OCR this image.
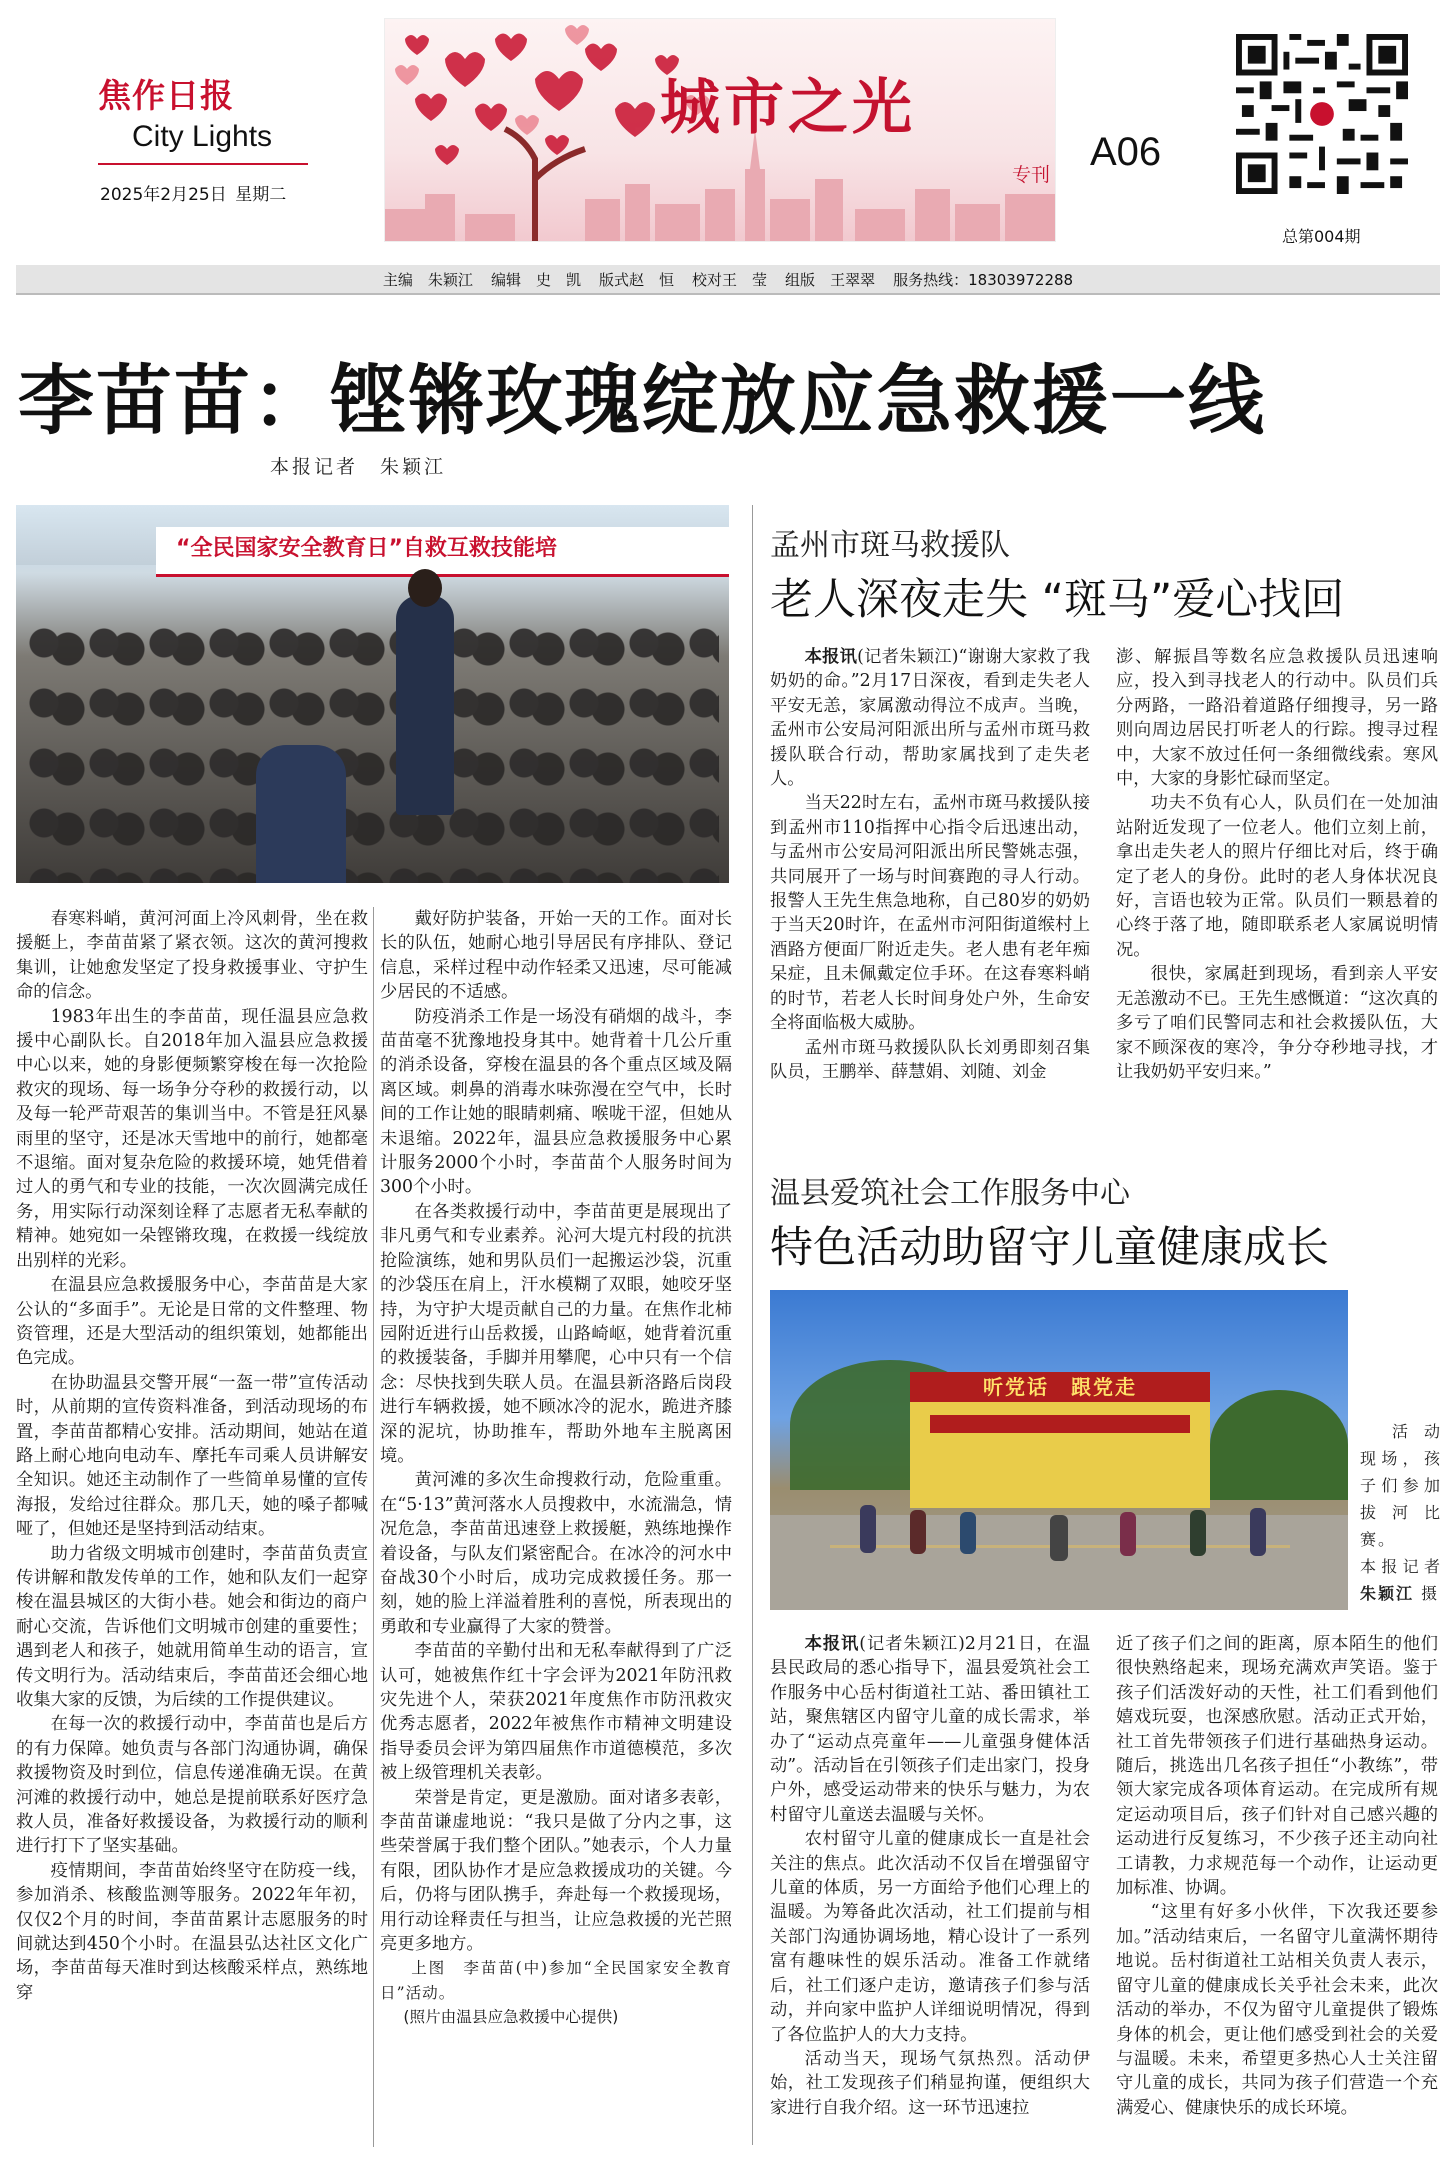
焦作日报
City Lights
2025年2月25日  星期二
城市之光
专刊
A06
总第004期
主编　 朱颖江 编辑　 史　凯 版式赵　恒 校对王　莹 组版　 王翠翠 服务热线：18303972288
李苗苗：铿锵玫瑰绽放应急救援一线
本报记者　朱颖江
“全民国家安全教育日”自救互救技能培

春寒料峭，黄河河面上冷风刺骨，坐在救援艇上，李苗苗紧了紧衣领。这次的黄河搜救集训，让她愈发坚定了投身救援事业、守护生命的信念。

1983年出生的李苗苗，现任温县应急救援中心副队长。自2018年加入温县应急救援中心以来，她的身影便频繁穿梭在每一次抢险救灾的现场、每一场争分夺秒的救援行动，以及每一轮严苛艰苦的集训当中。不管是狂风暴雨里的坚守，还是冰天雪地中的前行，她都毫不退缩。面对复杂危险的救援环境，她凭借着过人的勇气和专业的技能，一次次圆满完成任务，用实际行动深刻诠释了志愿者无私奉献的精神。她宛如一朵铿锵玫瑰，在救援一线绽放出别样的光彩。

在温县应急救援服务中心，李苗苗是大家公认的“多面手”。无论是日常的文件整理、物资管理，还是大型活动的组织策划，她都能出色完成。

在协助温县交警开展“一盔一带”宣传活动时，从前期的宣传资料准备，到活动现场的布置，李苗苗都精心安排。活动期间，她站在道路上耐心地向电动车、摩托车司乘人员讲解安全知识。她还主动制作了一些简单易懂的宣传海报，发给过往群众。那几天，她的嗓子都喊哑了，但她还是坚持到活动结束。

助力省级文明城市创建时，李苗苗负责宣传讲解和散发传单的工作，她和队友们一起穿梭在温县城区的大街小巷。她会和街边的商户耐心交流，告诉他们文明城市创建的重要性；遇到老人和孩子，她就用简单生动的语言，宣传文明行为。活动结束后，李苗苗还会细心地收集大家的反馈，为后续的工作提供建议。

在每一次的救援行动中，李苗苗也是后方的有力保障。她负责与各部门沟通协调，确保救援物资及时到位，信息传递准确无误。在黄河滩的救援行动中，她总是提前联系好医疗急救人员，准备好救援设备，为救援行动的顺利进行打下了坚实基础。

疫情期间，李苗苗始终坚守在防疫一线，参加消杀、核酸监测等服务。2022年年初，仅仅2个月的时间，李苗苗累计志愿服务的时间就达到450个小时。在温县弘达社区文化广场，李苗苗每天准时到达核酸采样点，熟练地穿

戴好防护装备，开始一天的工作。面对长长的队伍，她耐心地引导居民有序排队、登记信息，采样过程中动作轻柔又迅速，尽可能减少居民的不适感。

防疫消杀工作是一场没有硝烟的战斗，李苗苗毫不犹豫地投身其中。她背着十几公斤重的消杀设备，穿梭在温县的各个重点区域及隔离区域。刺鼻的消毒水味弥漫在空气中，长时间的工作让她的眼睛刺痛、喉咙干涩，但她从未退缩。2022年，温县应急救援服务中心累计服务2000个小时，李苗苗个人服务时间为300个小时。

在各类救援行动中，李苗苗更是展现出了非凡勇气和专业素养。沁河大堤亢村段的抗洪抢险演练，她和男队员们一起搬运沙袋，沉重的沙袋压在肩上，汗水模糊了双眼，她咬牙坚持，为守护大堤贡献自己的力量。在焦作北柿园附近进行山岳救援，山路崎岖，她背着沉重的救援装备，手脚并用攀爬，心中只有一个信念：尽快找到失联人员。在温县新洛路后岗段进行车辆救援，她不顾冰冷的泥水，跪进齐膝深的泥坑，协助推车，帮助外地车主脱离困境。

黄河滩的多次生命搜救行动，危险重重。在“5·13”黄河落水人员搜救中，水流湍急，情况危急，李苗苗迅速登上救援艇，熟练地操作着设备，与队友们紧密配合。在冰冷的河水中奋战30个小时后，成功完成救援任务。那一刻，她的脸上洋溢着胜利的喜悦，所表现出的勇敢和专业赢得了大家的赞誉。

李苗苗的辛勤付出和无私奉献得到了广泛认可，她被焦作红十字会评为2021年防汛救灾先进个人，荣获2021年度焦作市防汛救灾优秀志愿者，2022年被焦作市精神文明建设指导委员会评为第四届焦作市道德模范，多次被上级管理机关表彰。

荣誉是肯定，更是激励。面对诸多表彰，李苗苗谦虚地说：“我只是做了分内之事，这些荣誉属于我们整个团队。”她表示，个人力量有限，团队协作才是应急救援成功的关键。今后，仍将与团队携手，奔赴每一个救援现场，用行动诠释责任与担当，让应急救援的光芒照亮更多地方。

上图　李苗苗(中)参加“全民国家安全教育日”活动。

(照片由温县应急救援中心提供)

孟州市斑马救援队
老人深夜走失 “斑马”爱心找回

本报讯(记者朱颖江)“谢谢大家救了我奶奶的命。”2月17日深夜，看到走失老人平安无恙，家属激动得泣不成声。当晚，孟州市公安局河阳派出所与孟州市斑马救援队联合行动，帮助家属找到了走失老人。

当天22时左右，孟州市斑马救援队接到孟州市110指挥中心指令后迅速出动，与孟州市公安局河阳派出所民警姚志强，共同展开了一场与时间赛跑的寻人行动。报警人王先生焦急地称，自己80岁的奶奶于当天20时许，在孟州市河阳街道缑村上酒路方便面厂附近走失。老人患有老年痴呆症，且未佩戴定位手环。在这春寒料峭的时节，若老人长时间身处户外，生命安全将面临极大威胁。

孟州市斑马救援队队长刘勇即刻召集队员，王鹏举、薛慧娟、刘随、刘金

澎、解振昌等数名应急救援队员迅速响应，投入到寻找老人的行动中。队员们兵分两路，一路沿着道路仔细搜寻，另一路则向周边居民打听老人的行踪。搜寻过程中，大家不放过任何一条细微线索。寒风中，大家的身影忙碌而坚定。

功夫不负有心人，队员们在一处加油站附近发现了一位老人。他们立刻上前，拿出走失老人的照片仔细比对后，终于确定了老人的身份。此时的老人身体状况良好，言语也较为正常。队员们一颗悬着的心终于落了地，随即联系老人家属说明情况。

很快，家属赶到现场，看到亲人平安无恙激动不已。王先生感慨道：“这次真的多亏了咱们民警同志和社会救援队伍，大家不顾深夜的寒冷，争分夺秒地寻找，才让我奶奶平安归来。”

温县爱筑社会工作服务中心
特色活动助留守儿童健康成长
听党话　跟党走
活动现场，孩子们参加拔河比赛。
本报记者 朱颖江 摄

本报讯(记者朱颖江)2月21日，在温县民政局的悉心指导下，温县爱筑社会工作服务中心岳村街道社工站、番田镇社工站，聚焦辖区内留守儿童的成长需求，举办了“运动点亮童年——儿童强身健体活动”。活动旨在引领孩子们走出家门，投身户外，感受运动带来的快乐与魅力，为农村留守儿童送去温暖与关怀。

农村留守儿童的健康成长一直是社会关注的焦点。此次活动不仅旨在增强留守儿童的体质，另一方面给予他们心理上的温暖。为筹备此次活动，社工们提前与相关部门沟通协调场地，精心设计了一系列富有趣味性的娱乐活动。准备工作就绪后，社工们逐户走访，邀请孩子们参与活动，并向家中监护人详细说明情况，得到了各位监护人的大力支持。

活动当天，现场气氛热烈。活动伊始，社工发现孩子们稍显拘谨，便组织大家进行自我介绍。这一环节迅速拉

近了孩子们之间的距离，原本陌生的他们很快熟络起来，现场充满欢声笑语。鉴于孩子们活泼好动的天性，社工们看到他们嬉戏玩耍，也深感欣慰。活动正式开始，社工首先带领孩子们进行基础热身运动。随后，挑选出几名孩子担任“小教练”，带领大家完成各项体育运动。在完成所有规定运动项目后，孩子们针对自己感兴趣的运动进行反复练习，不少孩子还主动向社工请教，力求规范每一个动作，让运动更加标准、协调。

“这里有好多小伙伴，下次我还要参加。”活动结束后，一名留守儿童满怀期待地说。岳村街道社工站相关负责人表示，留守儿童的健康成长关乎社会未来，此次活动的举办，不仅为留守儿童提供了锻炼身体的机会，更让他们感受到社会的关爱与温暖。未来，希望更多热心人士关注留守儿童的成长，共同为孩子们营造一个充满爱心、健康快乐的成长环境。
